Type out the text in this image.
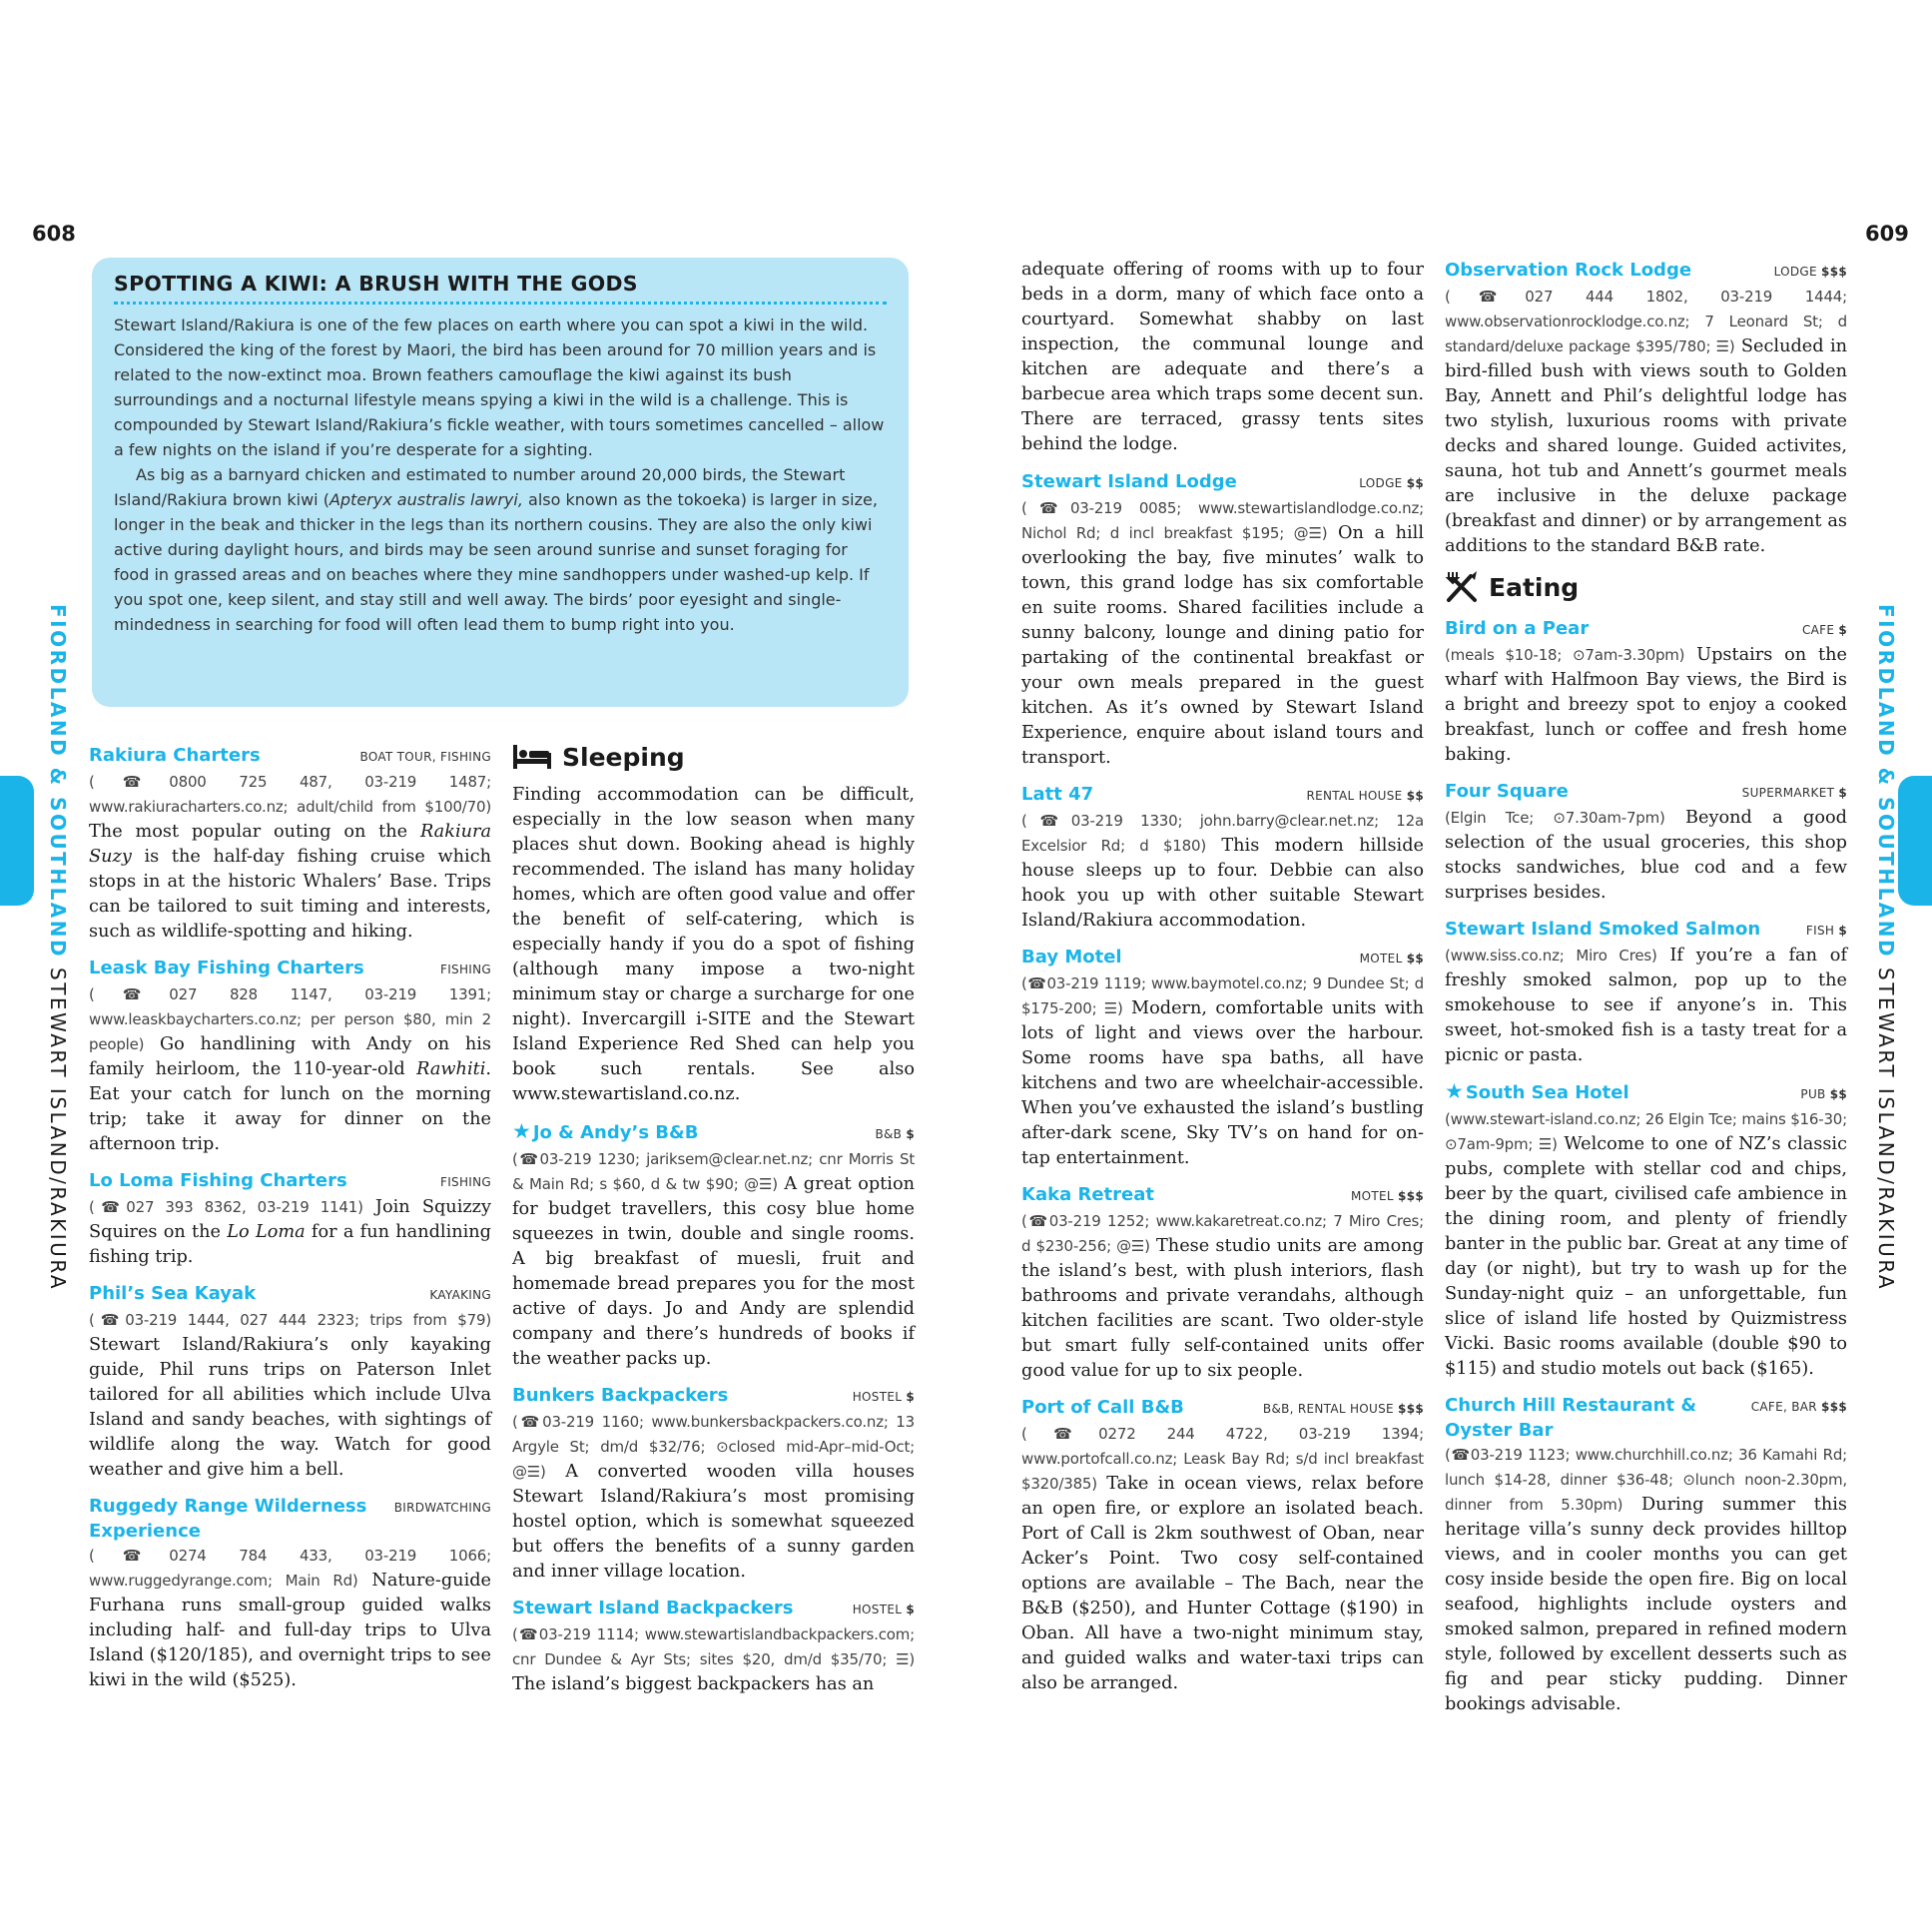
608	609
FIORDLAND & SOUTHLAND STEWART ISLAND/RAKIURA
FIORDLAND & SOUTHLAND STEWART ISLAND/RAKIURA
SPOTTING A KIWI: A BRUSH WITH THE GODS

Stewart Island/Rakiura is one of the few places on earth where you can spot a kiwi in the wild. Considered the king of the forest by Maori, the bird has been around for 70 million years and is related to the now-extinct moa. Brown feathers camouflage the kiwi against its bush surroundings and a nocturnal lifestyle means spying a kiwi in the wild is a challenge. This is compounded by Stewart Island/Rakiura’s fickle weather, with tours sometimes cancelled – allow a few nights on the island if you’re desperate for a sighting.

As big as a barnyard chicken and estimated to number around 20,000 birds, the Stewart Island/Rakiura brown kiwi (Apteryx australis lawryi, also known as the tokoeka) is larger in size, longer in the beak and thicker in the legs than its northern cousins. They are also the only kiwi active during daylight hours, and birds may be seen around sunrise and sunset foraging for food in grassed areas and on beaches where they mine sandhoppers under washed-up kelp. If you spot one, keep silent, and stay still and well away. The birds’ poor eyesight and single-mindedness in searching for food will often lead them to bump right into you.

Rakiura Charters	BOAT TOUR, FISHING
(☎0800 725 487, 03-219 1487; www.rakiuracharters.co.nz; adult/child from $100/70) The most popular outing on the Rakiura Suzy is the half-day fishing cruise which stops in at the historic Whalers’ Base. Trips can be tailored to suit timing and interests, such as wildlife-spotting and hiking.
Leask Bay Fishing Charters	FISHING
(☎027 828 1147, 03-219 1391; www.leaskbaycharters.co.nz; per person $80, min 2 people) Go handlining with Andy on his family heirloom, the 110-year-old Rawhiti. Eat your catch for lunch on the morning trip; take it away for dinner on the afternoon trip.
Lo Loma Fishing Charters	FISHING
(☎027 393 8362, 03-219 1141) Join Squizzy Squires on the Lo Loma for a fun handlining fishing trip.
Phil’s Sea Kayak	KAYAKING
(☎03-219 1444, 027 444 2323; trips from $79) Stewart Island/Rakiura’s only kayaking guide, Phil runs trips on Paterson Inlet tailored for all abilities which include Ulva Island and sandy beaches, with sightings of wildlife along the way. Watch for good weather and give him a bell.
Ruggedy Range Wilderness Experience
BIRDWATCHING
(☎0274 784 433, 03-219 1066; www.ruggedyrange.com; Main Rd) Nature-guide Furhana runs small-group guided walks including half- and full-day trips to Ulva Island ($120/185), and overnight trips to see kiwi in the wild ($525).
Sleeping

Finding accommodation can be difficult, especially in the low season when many places shut down. Booking ahead is highly recommended. The island has many holiday homes, which are often good value and offer the benefit of self-catering, which is especially handy if you do a spot of fishing (although many impose a two-night minimum stay or charge a surcharge for one night). Invercargill i-SITE and the Stewart Island Experience Red Shed can help you book such rentals. See also www.stewartisland.co.nz.

★ Jo & Andy’s B&B	B&B $
(☎03-219 1230; jariksem@clear.net.nz; cnr Morris St & Main Rd; s $60, d & tw $90; @☰) A great option for budget travellers, this cosy blue home squeezes in twin, double and single rooms. A big breakfast of muesli, fruit and homemade bread prepares you for the most active of days. Jo and Andy are splendid company and there’s hundreds of books if the weather packs up.
Bunkers Backpackers	HOSTEL $
(☎03-219 1160; www.bunkersbackpackers.co.nz; 13 Argyle St; dm/d $32/76; ⊙closed mid-Apr–mid-Oct; @☰) A converted wooden villa houses Stewart Island/Rakiura’s most promising hostel option, which is somewhat squeezed but offers the benefits of a sunny garden and inner village location.
Stewart Island Backpackers	HOSTEL $
(☎03-219 1114; www.stewartislandbackpackers.com; cnr Dundee & Ayr Sts; sites $20, dm/d $35/70; ☰) The island’s biggest backpackers has an

adequate offering of rooms with up to four beds in a dorm, many of which face onto a courtyard. Somewhat shabby on last inspection, the communal lounge and kitchen are adequate and there’s a barbecue area which traps some decent sun. There are terraced, grassy tents sites behind the lodge.

Stewart Island Lodge	LODGE $$
(☎03-219 0085; www.stewartislandlodge.co.nz; Nichol Rd; d incl breakfast $195; @☰) On a hill overlooking the bay, five minutes’ walk to town, this grand lodge has six comfortable en suite rooms. Shared facilities include a sunny balcony, lounge and dining patio for partaking of the continental breakfast or your own meals prepared in the guest kitchen. As it’s owned by Stewart Island Experience, enquire about island tours and transport.
Latt 47	RENTAL HOUSE $$
(☎03-219 1330; john.barry@clear.net.nz; 12a Excelsior Rd; d $180) This modern hillside house sleeps up to four. Debbie can also hook you up with other suitable Stewart Island/Rakiura accommodation.
Bay Motel	MOTEL $$
(☎03-219 1119; www.baymotel.co.nz; 9 Dundee St; d $175-200; ☰) Modern, comfortable units with lots of light and views over the harbour. Some rooms have spa baths, all have kitchens and two are wheelchair-accessible. When you’ve exhausted the island’s bustling after-dark scene, Sky TV’s on hand for on-tap entertainment.
Kaka Retreat	MOTEL $$$
(☎03-219 1252; www.kakaretreat.co.nz; 7 Miro Cres; d $230-256; @☰) These studio units are among the island’s best, with plush interiors, flash bathrooms and private verandahs, although kitchen facilities are scant. Two older-style but smart fully self-contained units offer good value for up to six people.
Port of Call B&B	B&B, RENTAL HOUSE $$$
(☎0272 244 4722, 03-219 1394; www.portofcall.co.nz; Leask Bay Rd; s/d incl breakfast $320/385) Take in ocean views, relax before an open fire, or explore an isolated beach. Port of Call is 2km southwest of Oban, near Acker’s Point. Two cosy self-contained options are available – The Bach, near the B&B ($250), and Hunter Cottage ($190) in Oban. All have a two-night minimum stay, and guided walks and water-taxi trips can also be arranged.
Observation Rock Lodge	LODGE $$$
(☎027 444 1802, 03-219 1444; www.observationrocklodge.co.nz; 7 Leonard St; d standard/deluxe package $395/780; ☰) Secluded in bird-filled bush with views south to Golden Bay, Annett and Phil’s delightful lodge has two stylish, luxurious rooms with private decks and shared lounge. Guided activites, sauna, hot tub and Annett’s gourmet meals are inclusive in the deluxe package (breakfast and dinner) or by arrangement as additions to the standard B&B rate.
Eating
Bird on a Pear	CAFE $
(meals $10-18; ⊙7am-3.30pm) Upstairs on the wharf with Halfmoon Bay views, the Bird is a bright and breezy spot to enjoy a cooked breakfast, lunch or coffee and fresh home baking.
Four Square	SUPERMARKET $
(Elgin Tce; ⊙7.30am-7pm) Beyond a good selection of the usual groceries, this shop stocks sandwiches, blue cod and a few surprises besides.
Stewart Island Smoked Salmon	FISH $
(www.siss.co.nz; Miro Cres) If you’re a fan of freshly smoked salmon, pop up to the smokehouse to see if anyone’s in. This sweet, hot-smoked fish is a tasty treat for a picnic or pasta.
★ South Sea Hotel	PUB $$
(www.stewart-island.co.nz; 26 Elgin Tce; mains $16-30; ⊙7am-9pm; ☰) Welcome to one of NZ’s classic pubs, complete with stellar cod and chips, beer by the quart, civilised cafe ambience in the dining room, and plenty of friendly banter in the public bar. Great at any time of day (or night), but try to wash up for the Sunday-night quiz – an unforgettable, fun slice of island life hosted by Quizmistress Vicki. Basic rooms available (double $90 to $115) and studio motels out back ($165).
Church Hill Restaurant & Oyster Bar
CAFE, BAR $$$
(☎03-219 1123; www.churchhill.co.nz; 36 Kamahi Rd; lunch $14-28, dinner $36-48; ⊙lunch noon-2.30pm, dinner from 5.30pm) During summer this heritage villa’s sunny deck provides hilltop views, and in cooler months you can get cosy inside beside the open fire. Big on local seafood, highlights include oysters and smoked salmon, prepared in refined modern style, followed by excellent desserts such as fig and pear sticky pudding. Dinner bookings advisable.
